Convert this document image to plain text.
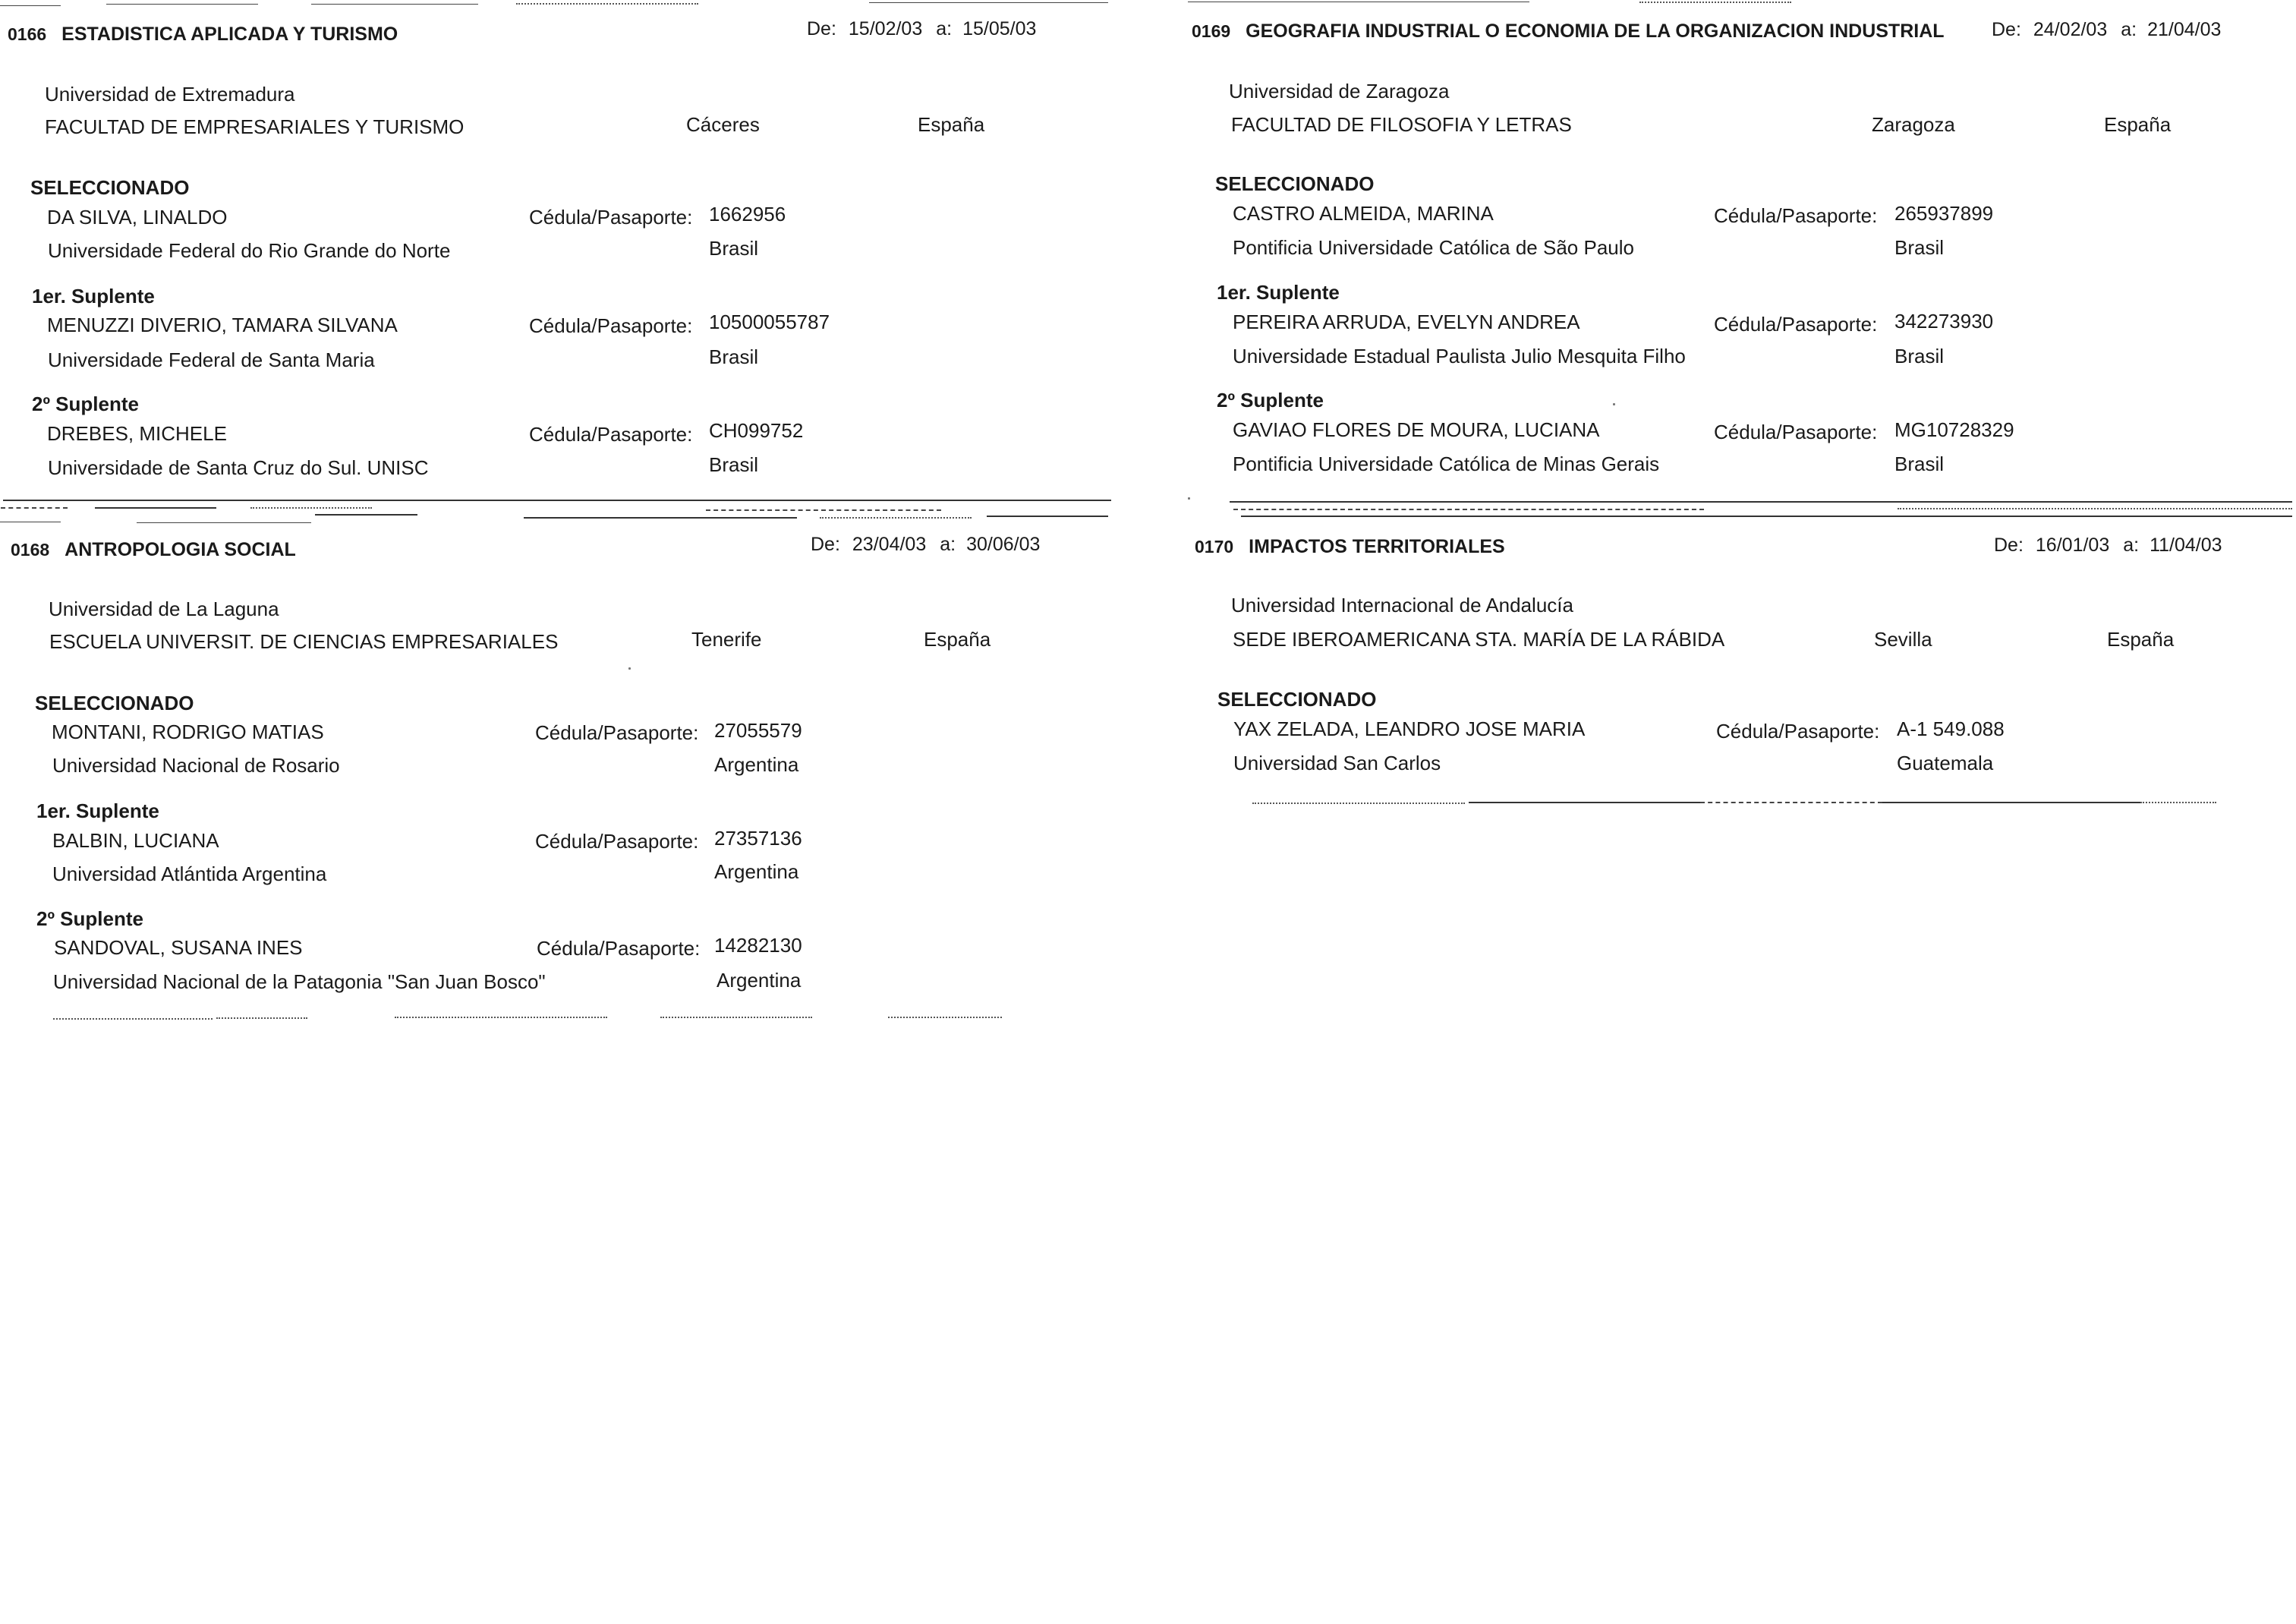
0166 ESTADISTICA APLICADA Y TURISMO	De: 15/02/03 a: 15/05/03
Universidad de Extremadura
FACULTAD DE EMPRESARIALES Y TURISMO	Cáceres	España
SELECCIONADO
DA SILVA, LINALDO	Cédula/Pasaporte: 1662956
Universidade Federal do Rio Grande do Norte	Brasil
1er. Suplente
MENUZZI DIVERIO, TAMARA SILVANA	Cédula/Pasaporte: 10500055787
Universidade Federal de Santa Maria	Brasil
2º Suplente
DREBES, MICHELE	Cédula/Pasaporte: CH099752
Universidade de Santa Cruz do Sul. UNISC	Brasil
0169 GEOGRAFIA INDUSTRIAL O ECONOMIA DE LA ORGANIZACION INDUSTRIAL De: 24/02/03 a: 21/04/03
Universidad de Zaragoza
FACULTAD DE FILOSOFIA Y LETRAS	Zaragoza	España
SELECCIONADO
CASTRO ALMEIDA, MARINA	Cédula/Pasaporte: 265937899
Pontificia Universidade Católica de São Paulo	Brasil
1er. Suplente
PEREIRA ARRUDA, EVELYN ANDREA	Cédula/Pasaporte: 342273930
Universidade Estadual Paulista Julio Mesquita Filho	Brasil
2º Suplente
GAVIAO FLORES DE MOURA, LUCIANA	Cédula/Pasaporte: MG10728329
Pontificia Universidade Católica de Minas Gerais	Brasil
0168 ANTROPOLOGIA SOCIAL	De: 23/04/03 a: 30/06/03
Universidad de La Laguna
ESCUELA UNIVERSIT. DE CIENCIAS EMPRESARIALES	Tenerife	España
SELECCIONADO
MONTANI, RODRIGO MATIAS	Cédula/Pasaporte: 27055579
Universidad Nacional de Rosario	Argentina
1er. Suplente
BALBIN, LUCIANA	Cédula/Pasaporte: 27357136
Universidad Atlántida Argentina	Argentina
2º Suplente
SANDOVAL, SUSANA INES	Cédula/Pasaporte: 14282130
Universidad Nacional de la Patagonia "San Juan Bosco"	Argentina
0170 IMPACTOS TERRITORIALES	De: 16/01/03 a: 11/04/03
Universidad Internacional de Andalucía
SEDE IBEROAMERICANA STA. MARÍA DE LA RÁBIDA	Sevilla	España
SELECCIONADO
YAX ZELADA, LEANDRO JOSE MARIA	Cédula/Pasaporte: A-1 549.088
Universidad San Carlos	Guatemala
